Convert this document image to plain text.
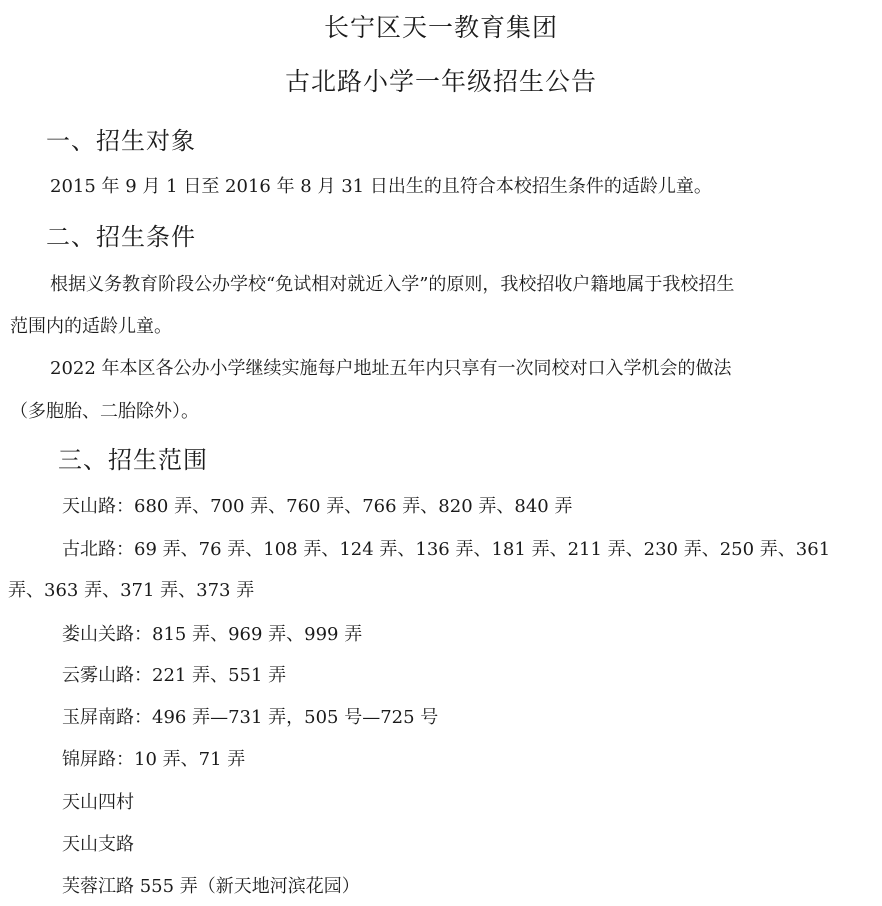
长宁区天一教育集团
古北路小学一年级招生公告
一、招生对象
2015 年 9 月 1 日至 2016 年 8 月 31 日出生的且符合本校招生条件的适龄儿童。
二、招生条件
根据义务教育阶段公办学校“免试相对就近入学”的原则，我校招收户籍地属于我校招生
范围内的适龄儿童。
2022 年本区各公办小学继续实施每户地址五年内只享有一次同校对口入学机会的做法
（多胞胎、二胎除外）。
三、招生范围
天山路：680 弄、700 弄、760 弄、766 弄、820 弄、840 弄
古北路：69 弄、76 弄、108 弄、124 弄、136 弄、181 弄、211 弄、230 弄、250 弄、361
弄、363 弄、371 弄、373 弄
娄山关路：815 弄、969 弄、999 弄
云雾山路：221 弄、551 弄
玉屏南路：496 弄—731 弄，505 号—725 号
锦屏路：10 弄、71 弄
天山四村
天山支路
芙蓉江路 555 弄（新天地河滨花园）
